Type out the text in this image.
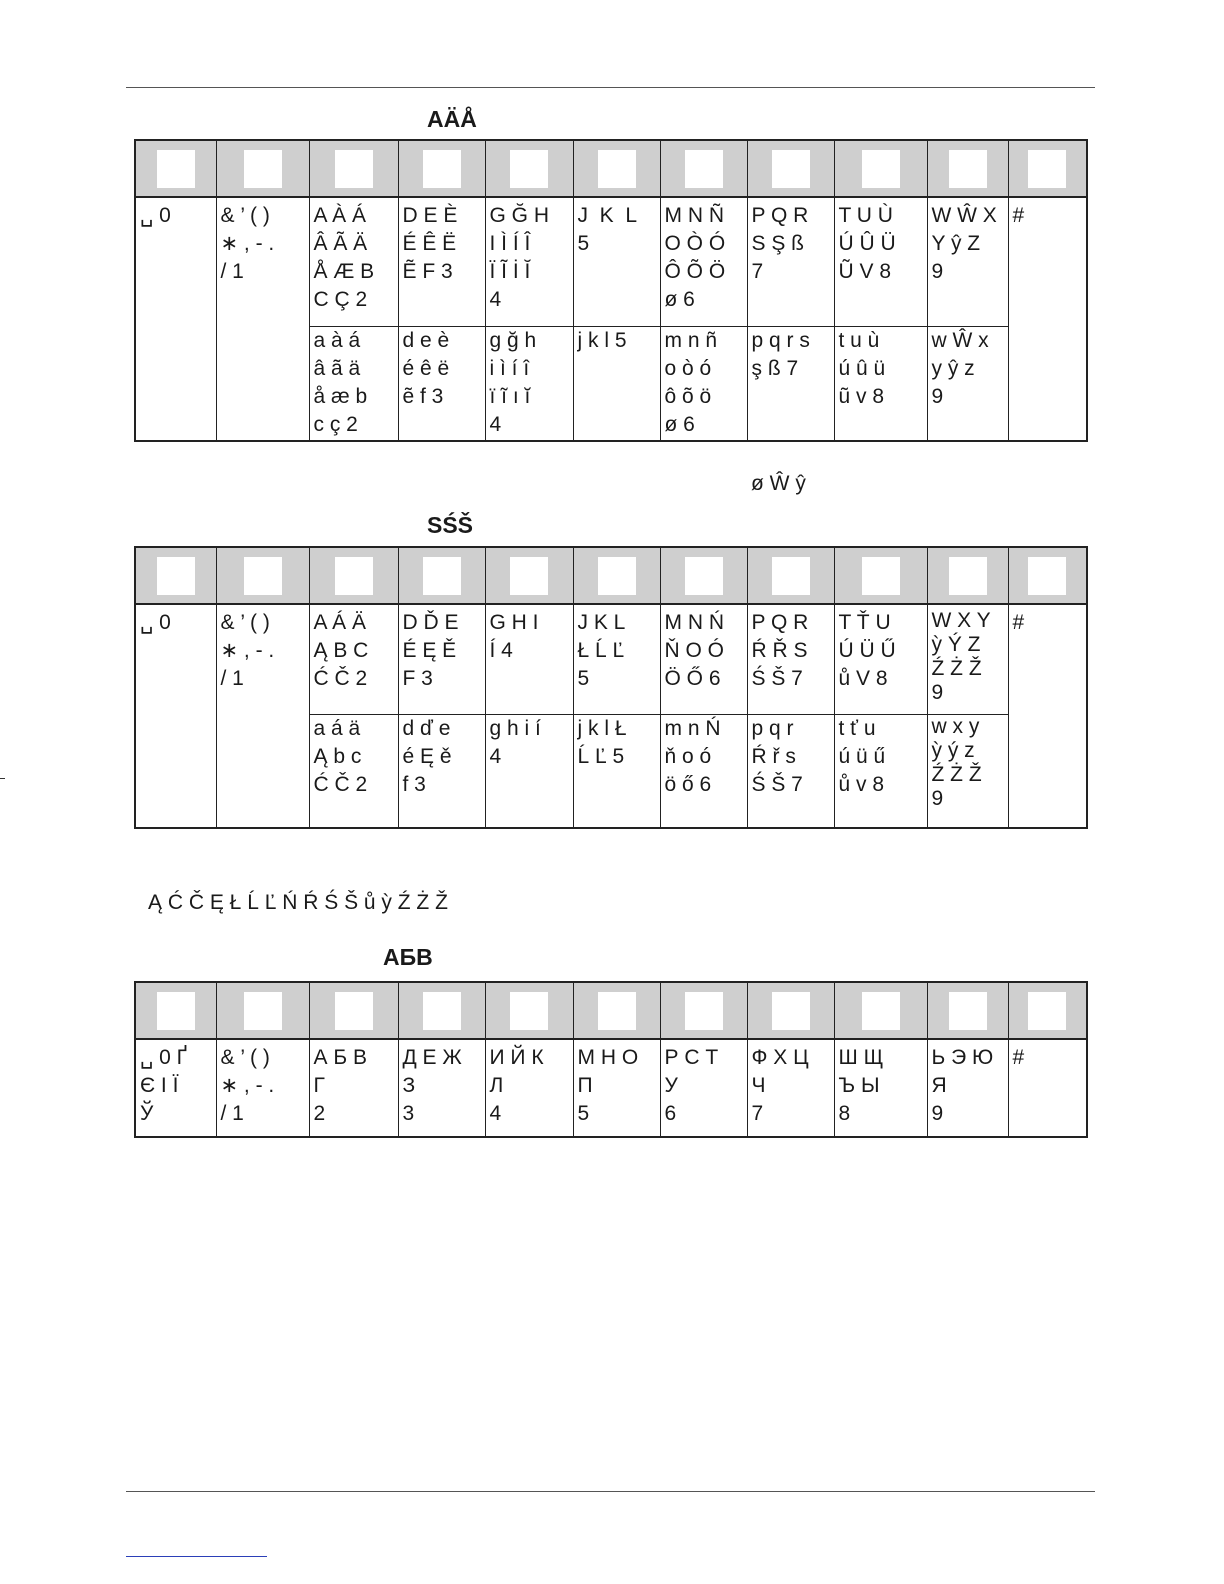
AÄÅ

␣ 0	& ’ ( )
∗ , - .
/ 1	A À Á
Â Ã Ä
Å Æ B
C Ç 2	D E È
É Ê Ë
Ẽ F 3	G Ğ H
I Ì Í Î
Ï Ĩ İ Ĭ
4	J  K  L
5	M N Ñ
O Ò Ó
Ô Õ Ö
ø 6	P Q R
S Ş ß
7	T U Ù
Ú Û Ü
Ũ V 8	W Ŵ X
Y ŷ Z
9	#
		a à á
â ã ä
å æ b
c ç 2	d e è
é ê ë
ẽ f 3	g ğ h
i ì í î
ï ĩ ı ĭ
4	j k l 5	m n ñ
o ò ó
ô õ ö
ø 6	p q r s
ş ß 7	t u ù
ú û ü
ũ v 8	w Ŵ x
y ŷ z
9	
ø Ŵ ŷ
SŚŠ

␣ 0	& ’ ( )
∗ , - .
/ 1	A Á Ä
Ą B C
Ć Č 2	D Ď E
É Ę Ě
F 3	G H I
Í 4	J K L
Ł Ĺ Ľ
5	M N Ń
Ň O Ó
Ö Ő 6	P Q R
Ŕ Ř S
Ś Š 7	T Ť U
Ú Ü Ű
ů V 8	W X Y
ỳ Ý Z
Ź Ż Ž
9	#
		a á ä
Ą b c
Ć Č 2	d ď e
é Ę ě
f 3	g h i í
4	j k l Ł
Ĺ Ľ 5	m n Ń
ň o ó
ö ő 6	p q r
Ŕ ř s
Ś Š 7	t ť u
ú ü ű
ů v 8	w x y
ỳ ý z
Ź Ż Ž
9	
Ą Ć Č Ę Ł Ĺ Ľ Ń Ŕ Ś Š ů ỳ Ź Ż Ž
АБВ

␣ 0 Ґ
Є І Ї
Ў	& ’ ( )
∗ , - .
/ 1	А Б В
Г
2	Д Е Ж
З
3	И Й К
Л
4	М Н О
П
5	Р С Т
У
6	Ф Х Ц
Ч
7	Ш Щ
Ъ Ы
8	Ь Э Ю
Я
9	#
